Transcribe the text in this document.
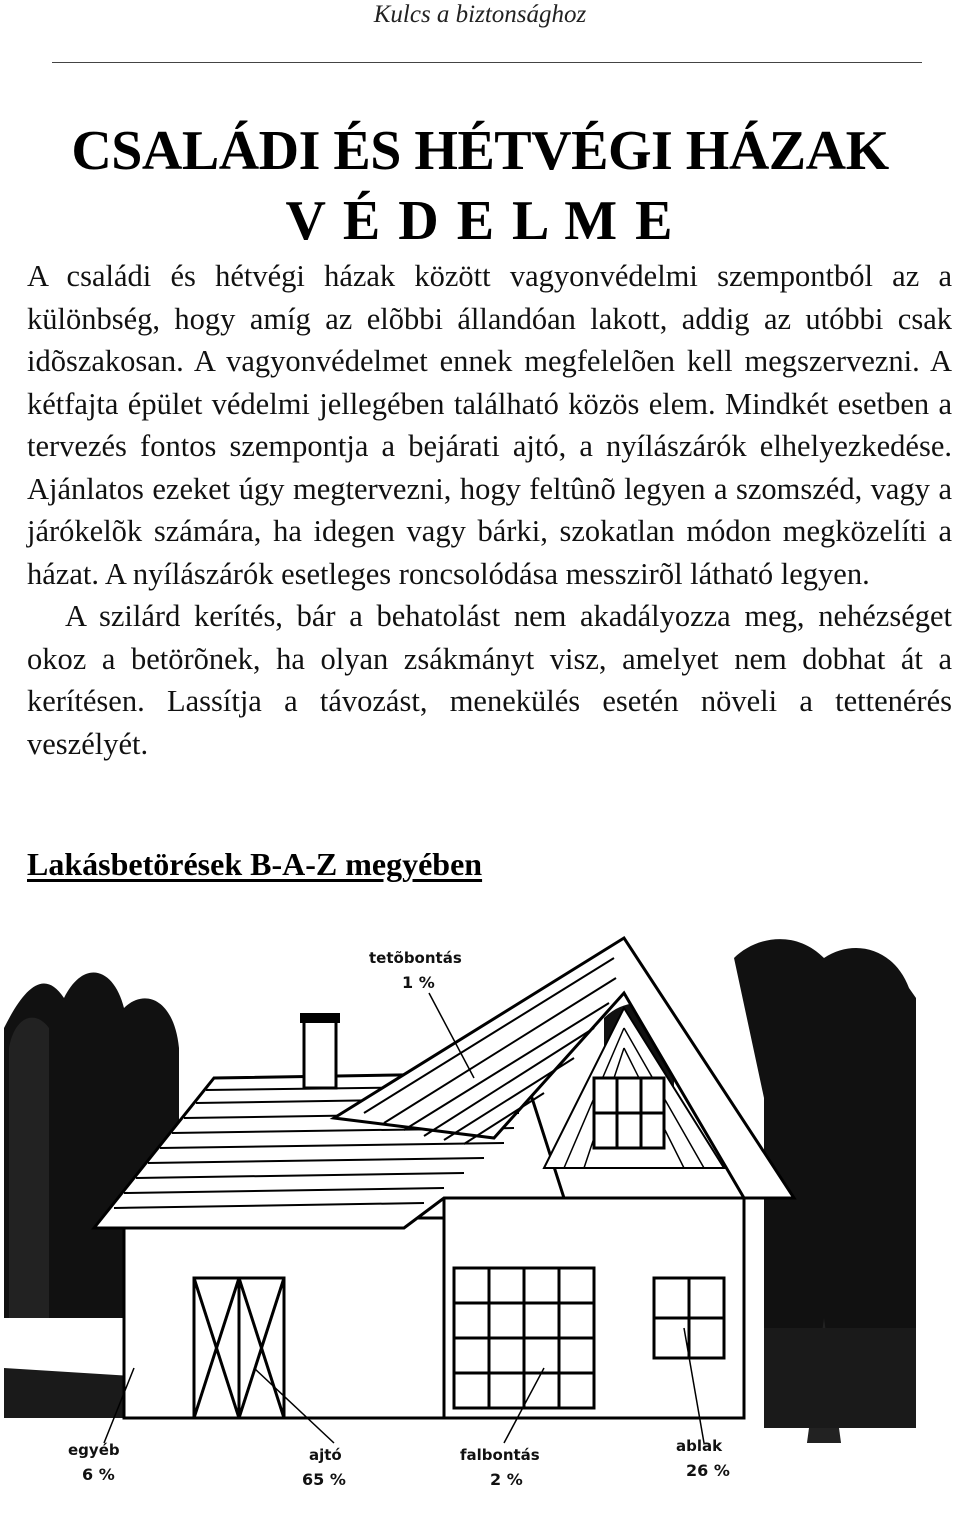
Kulcs a biztonsághoz
CSALÁDI ÉS HÉTVÉGI HÁZAK
V É D E L M E

A családi és hétvégi házak között vagyonvédelmi szempontból az a különbség, hogy amíg az elõbbi állandóan lakott, addig az utóbbi csak idõszakosan. A vagyonvédelmet ennek megfelelõen kell megszervezni. A kétfajta épület védelmi jellegében található közös elem. Mindkét esetben a tervezés fontos szempontja a bejárati ajtó, a nyílászárók elhelyezkedése. Ajánlatos ezeket úgy megtervezni, hogy feltûnõ legyen a szomszéd, vagy a járókelõk számára, ha idegen vagy bárki, szokatlan módon megközelíti a házat. A nyílászárók esetleges roncsolódása messzirõl látható legyen.

A szilárd kerítés, bár a behatolást nem akadályozza meg, nehézséget okoz a betörõnek, ha olyan zsákmányt visz, amelyet nem dobhat át a kerítésen. Lassítja a távozást, menekülés esetén növeli a tettenérés veszélyét.

Lakásbetörések B-A-Z megyében
tetõbontás
1 %
egyéb
6 %
ajtó
65 %
falbontás
2 %
ablak
26 %
